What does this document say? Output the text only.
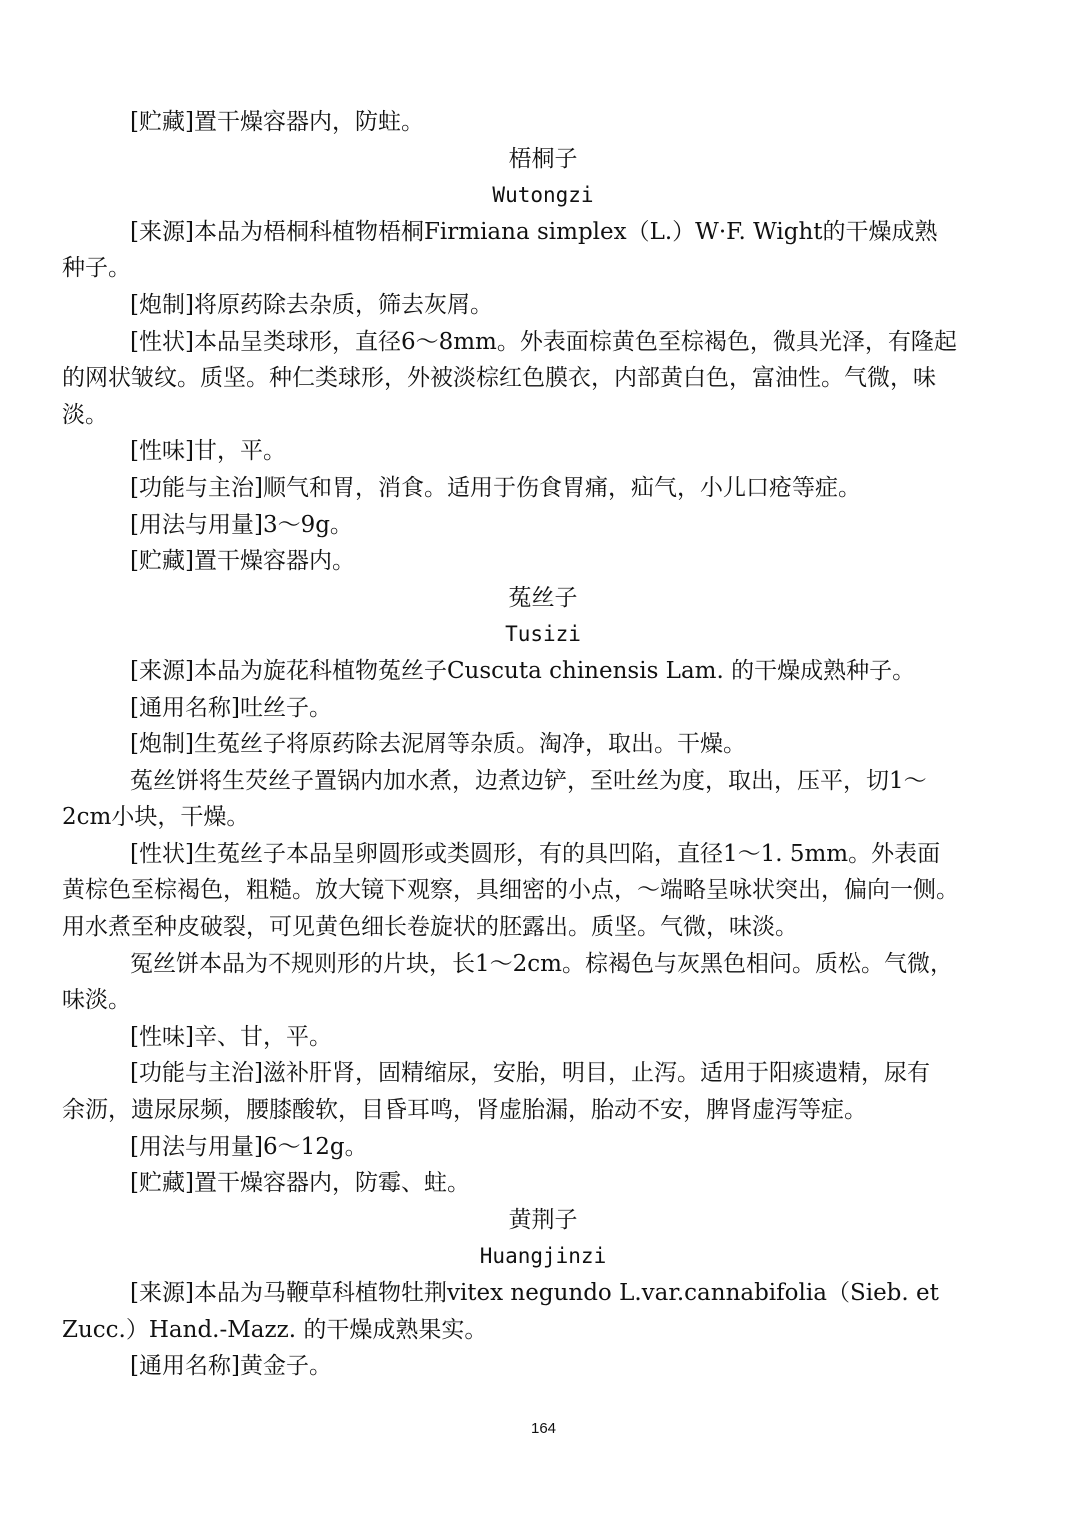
[贮藏]置干燥容器内，防蛀。
梧桐子
Wutongzi
[来源]本品为梧桐科植物梧桐Firmiana simplex（L.）W·F. Wight的干燥成熟
种子。
[炮制]将原药除去杂质，筛去灰屑。
[性状]本品呈类球形，直径6～8mm。外表面棕黄色至棕褐色，微具光泽，有隆起
的网状皱纹。质坚。种仁类球形，外被淡棕红色膜衣，内部黄白色，富油性。气微，味
淡。
[性味]甘，平。
[功能与主治]顺气和胃，消食。适用于伤食胃痛，疝气，小儿口疮等症。
[用法与用量]3～9g。
[贮藏]置干燥容器内。
菟丝子
Tusizi
[来源]本品为旋花科植物菟丝子Cuscuta chinensis Lam. 的干燥成熟种子。
[通用名称]吐丝子。
[炮制]生菟丝子将原药除去泥屑等杂质。淘净，取出。干燥。
菟丝饼将生芡丝子置锅内加水煮，边煮边铲，至吐丝为度，取出，压平，切1～
2cm小块，干燥。
[性状]生菟丝子本品呈卵圆形或类圆形，有的具凹陷，直径1～1. 5mm。外表面
黄棕色至棕褐色，粗糙。放大镜下观察，具细密的小点，～端略呈咏状突出，偏向一侧。
用水煮至种皮破裂，可见黄色细长卷旋状的胚露出。质坚。气微，味淡。
冤丝饼本品为不规则形的片块，长1～2cm。棕褐色与灰黑色相问。质松。气微，
味淡。
[性味]辛、甘，平。
[功能与主治]滋补肝肾，固精缩尿，安胎，明目，止泻。适用于阳痰遗精，尿有
余沥，遗尿尿频，腰膝酸软，目昏耳鸣，肾虚胎漏，胎动不安，脾肾虚泻等症。
[用法与用量]6～12g。
[贮藏]置干燥容器内，防霉、蛀。
黄荆子
Huangjinzi
[来源]本品为马鞭草科植物牡荆vitex negundo L.var.cannabifolia（Sieb. et
Zucc.）Hand.-Mazz. 的干燥成熟果实。
[通用名称]黄金子。
164
